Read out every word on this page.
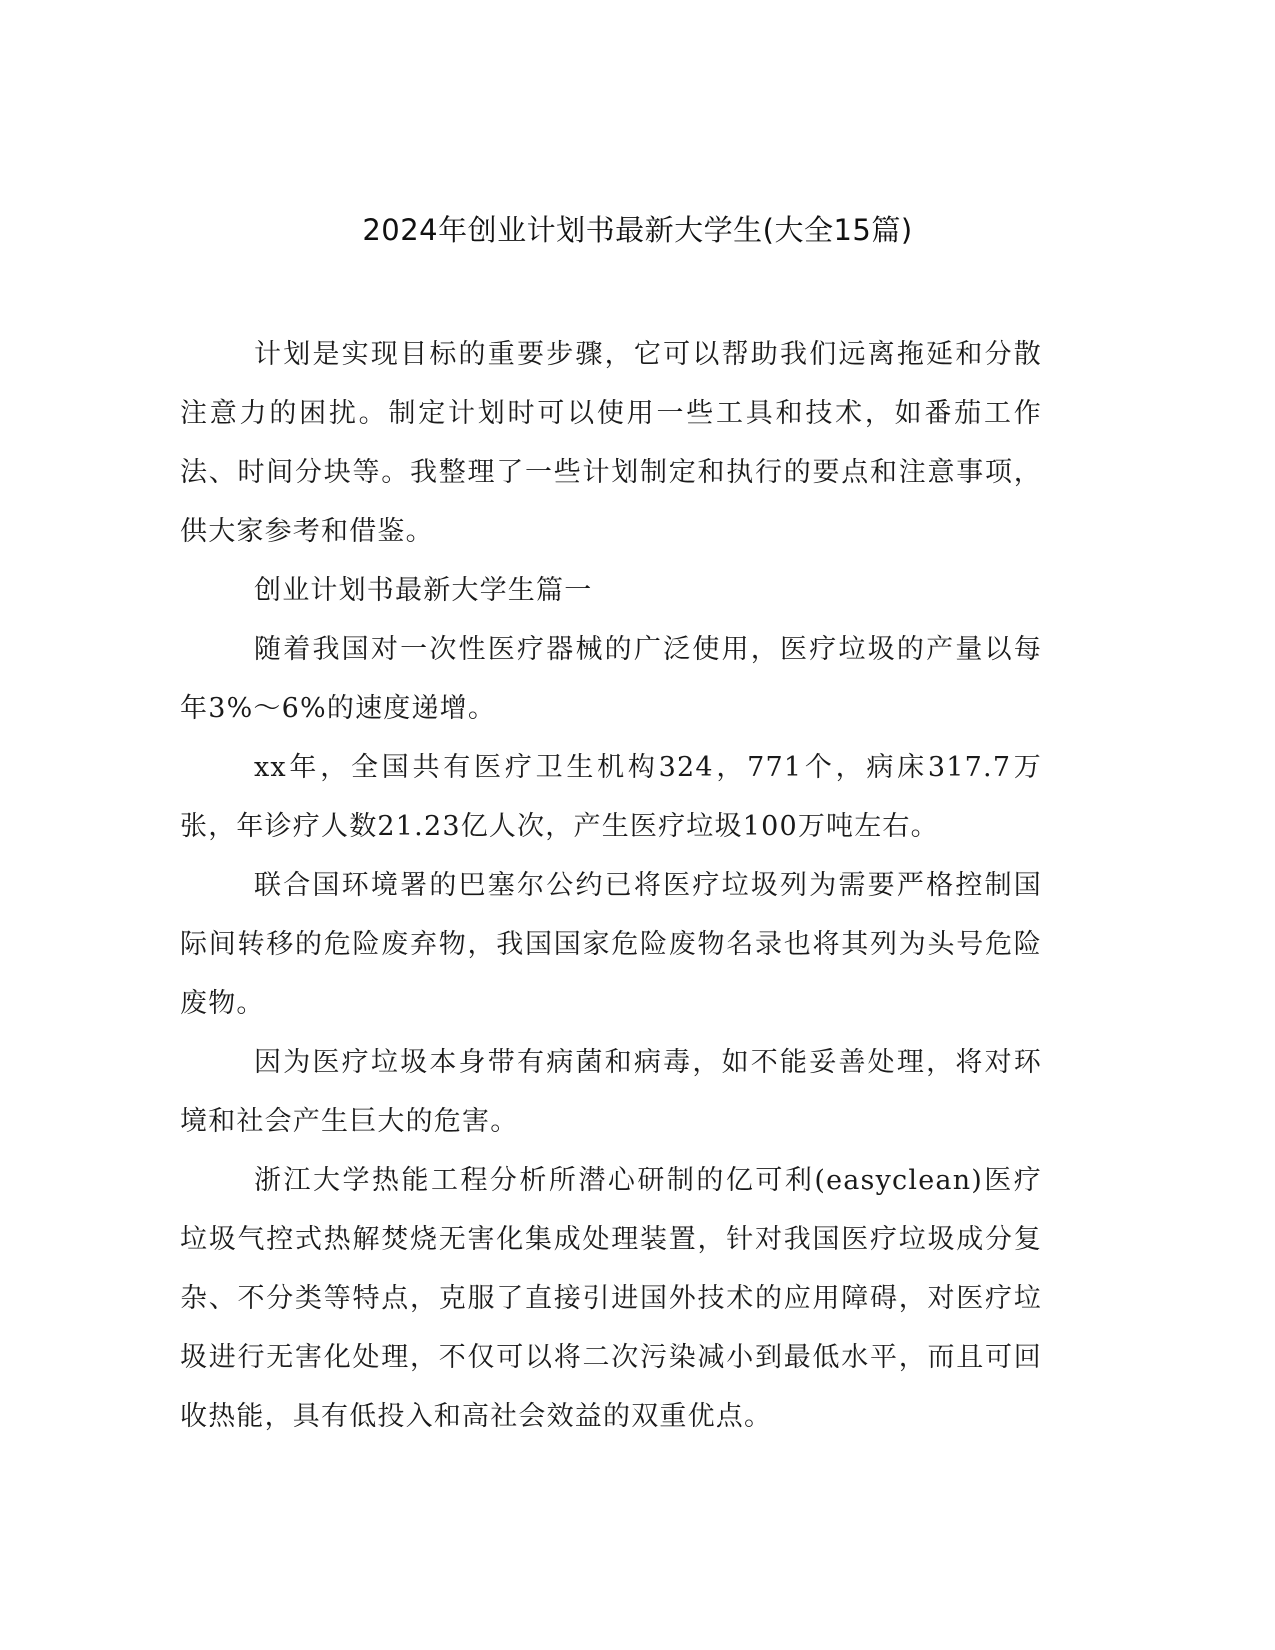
2024年创业计划书最新大学生(大全15篇)

计划是实现目标的重要步骤，它可以帮助我们远离拖延和分散注意力的困扰。制定计划时可以使用一些工具和技术，如番茄工作法、时间分块等。我整理了一些计划制定和执行的要点和注意事项，供大家参考和借鉴。

创业计划书最新大学生篇一

随着我国对一次性医疗器械的广泛使用，医疗垃圾的产量以每年3%～6%的速度递增。

xx年，全国共有医疗卫生机构324，771个，病床317.7万张，年诊疗人数21.23亿人次，产生医疗垃圾100万吨左右。

联合国环境署的巴塞尔公约已将医疗垃圾列为需要严格控制国际间转移的危险废弃物，我国国家危险废物名录也将其列为头号危险废物。

因为医疗垃圾本身带有病菌和病毒，如不能妥善处理，将对环境和社会产生巨大的危害。

浙江大学热能工程分析所潜心研制的亿可利(easyclean)医疗垃圾气控式热解焚烧无害化集成处理装置，针对我国医疗垃圾成分复杂、不分类等特点，克服了直接引进国外技术的应用障碍，对医疗垃圾进行无害化处理，不仅可以将二次污染减小到最低水平，而且可回收热能，具有低投入和高社会效益的双重优点。
